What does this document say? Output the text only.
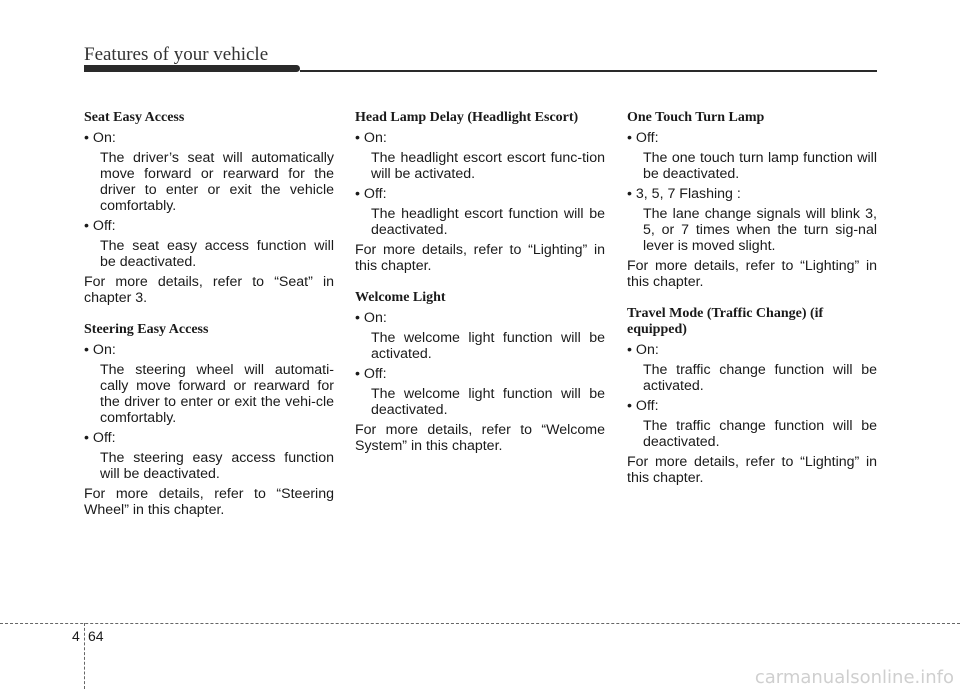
Features of your vehicle
Seat Easy Access
• On:
The driver’s seat will automatically move forward or rearward for the driver to enter or exit the vehicle comfortably.
• Off:
The seat easy access function will be deactivated.
For more details, refer to “Seat” in chapter 3.
Steering Easy Access
• On:
The steering wheel will automati-cally move forward or rearward for the driver to enter or exit the vehi-cle comfortably.
• Off:
The steering easy access function will be deactivated.
For more details, refer to “Steering Wheel” in this chapter.
Head Lamp Delay (Headlight Escort)
• On:
The headlight escort escort func-tion will be activated.
• Off:
The headlight escort function will be deactivated.
For more details, refer to “Lighting” in this chapter.
Welcome Light
• On:
The welcome light function will be activated.
• Off:
The welcome light function will be deactivated.
For more details, refer to “Welcome System” in this chapter.
One Touch Turn Lamp
• Off:
The one touch turn lamp function will be deactivated.
• 3, 5, 7 Flashing :
The lane change signals will blink 3, 5, or 7 times when the turn sig-nal lever is moved slight.
For more details, refer to “Lighting” in this chapter.
Travel Mode (Traffic Change) (if equipped)
• On:
The traffic change function will be activated.
• Off:
The traffic change function will be deactivated.
For more details, refer to “Lighting” in this chapter.
4 64
carmanualsonline.info
